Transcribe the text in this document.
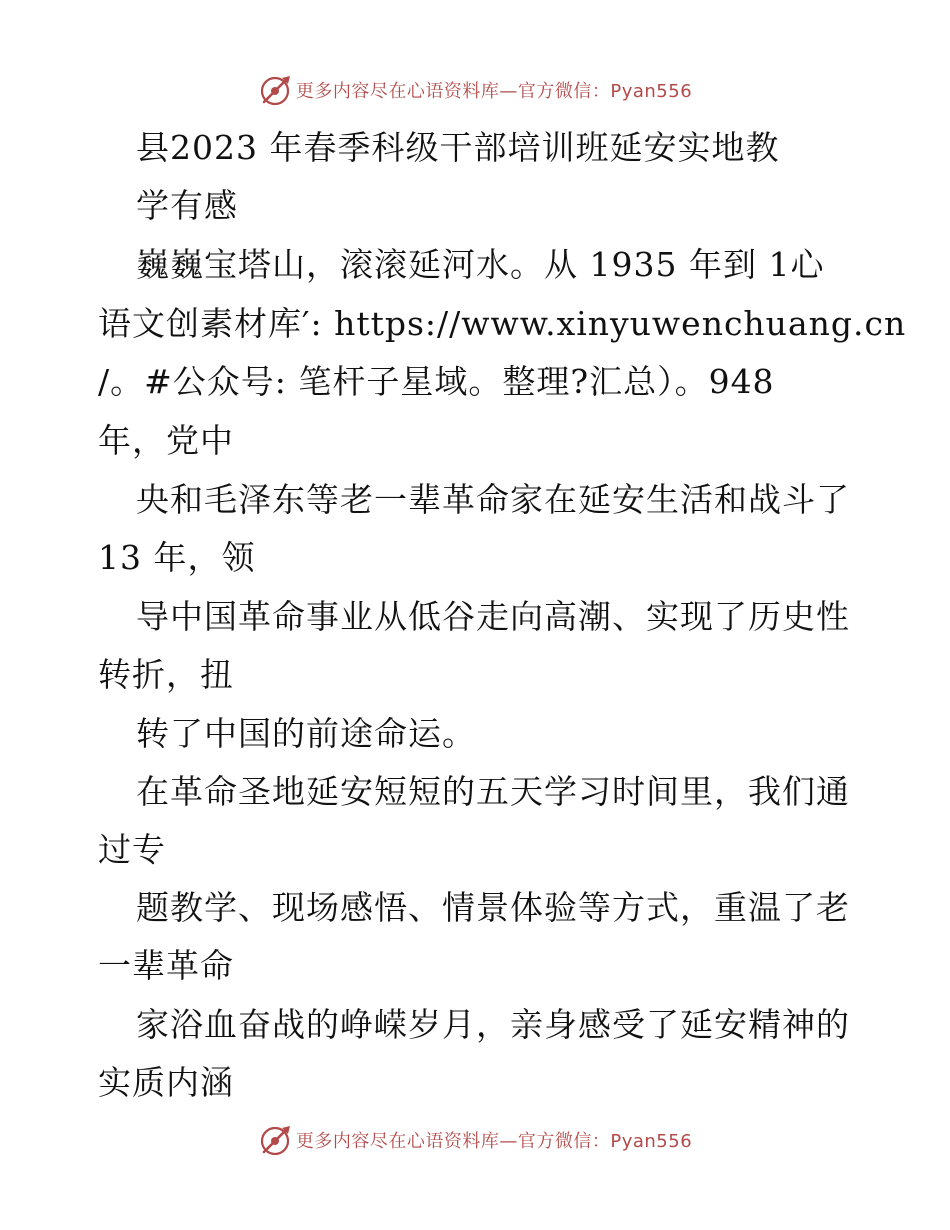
更多内容尽在心语资料库—官方微信：Pyan556
县2023 年春季科级干部培训班延安实地教
学有感
巍巍宝塔山，滚滚延河水。从 1935 年到 1心
语文创素材库′: https://www.xinyuwenchuang.cn
/。#公众号: 笔杆子星域。整理?汇总）。948
年，党中
央和毛泽东等老一辈革命家在延安生活和战斗了
13 年，领
导中国革命事业从低谷走向高潮、实现了历史性
转折，扭
转了中国的前途命运。
在革命圣地延安短短的五天学习时间里，我们通
过专
题教学、现场感悟、情景体验等方式，重温了老
一辈革命
家浴血奋战的峥嵘岁月，亲身感受了延安精神的
实质内涵
更多内容尽在心语资料库—官方微信：Pyan556
